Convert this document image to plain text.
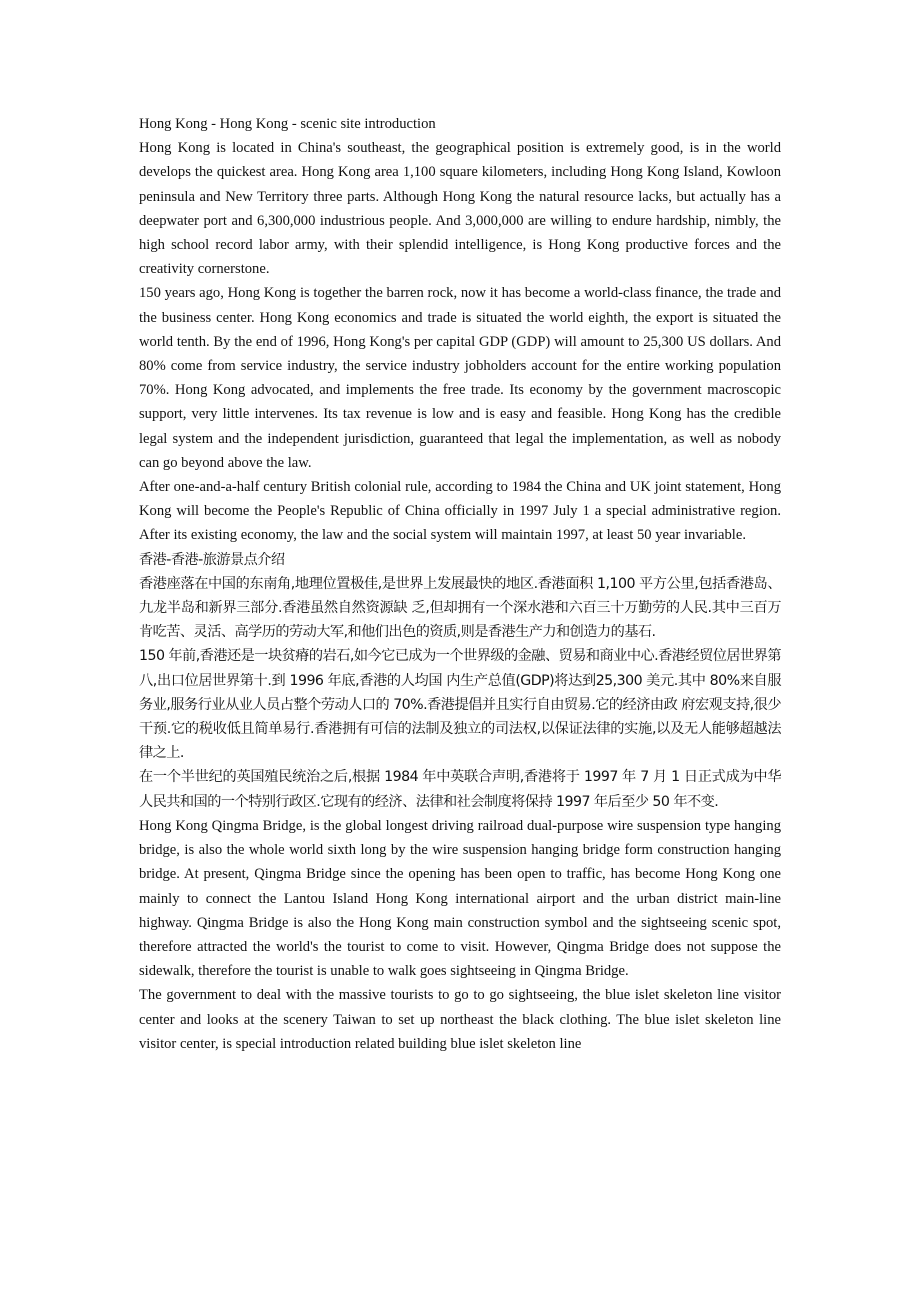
Hong Kong - Hong Kong - scenic site introduction

Hong Kong is located in China's southeast, the geographical position is extremely good, is in the world develops the quickest area. Hong Kong area 1,100 square kilometers, including Hong Kong Island, Kowloon peninsula and New Territory three parts. Although Hong Kong the natural resource lacks, but actually has a deepwater port and 6,300,000 industrious people. And 3,000,000 are willing to endure hardship, nimbly, the high school record labor army, with their splendid intelligence, is Hong Kong productive forces and the creativity cornerstone.

150 years ago, Hong Kong is together the barren rock, now it has become a world-class finance, the trade and the business center. Hong Kong economics and trade is situated the world eighth, the export is situated the world tenth. By the end of 1996, Hong Kong's per capital GDP (GDP) will amount to 25,300 US dollars. And 80% come from service industry, the service industry jobholders account for the entire working population 70%. Hong Kong advocated, and implements the free trade. Its economy by the government macroscopic support, very little intervenes. Its tax revenue is low and is easy and feasible. Hong Kong has the credible legal system and the independent jurisdiction, guaranteed that legal the implementation, as well as nobody can go beyond above the law.

After one-and-a-half century British colonial rule, according to 1984 the China and UK joint statement, Hong Kong will become the People's Republic of China officially in 1997 July 1 a special administrative region. After its existing economy, the law and the social system will maintain 1997, at least 50 year invariable.

香港-香港-旅游景点介绍

香港座落在中国的东南角,地理位置极佳,是世界上发展最快的地区.香港面积 1,100 平方公里,包括香港岛、九龙半岛和新界三部分.香港虽然自然资源缺 乏,但却拥有一个深水港和六百三十万勤劳的人民.其中三百万肯吃苦、灵活、高学历的劳动大军,和他们出色的资质,则是香港生产力和创造力的基石.

150 年前,香港还是一块贫瘠的岩石,如今它已成为一个世界级的金融、贸易和商业中心.香港经贸位居世界第八,出口位居世界第十.到 1996 年底,香港的人均国 内生产总值(GDP)将达到25,300 美元.其中 80%来自服务业,服务行业从业人员占整个劳动人口的 70%.香港提倡并且实行自由贸易.它的经济由政 府宏观支持,很少干预.它的税收低且简单易行.香港拥有可信的法制及独立的司法权,以保证法律的实施,以及无人能够超越法律之上.

在一个半世纪的英国殖民统治之后,根据 1984 年中英联合声明,香港将于 1997 年 7 月 1 日正式成为中华人民共和国的一个特别行政区.它现有的经济、法律和社会制度将保持 1997 年后至少 50 年不变.

Hong Kong Qingma Bridge, is the global longest driving railroad dual-purpose wire suspension type hanging bridge, is also the whole world sixth long by the wire suspension hanging bridge form construction hanging bridge. At present, Qingma Bridge since the opening has been open to traffic, has become Hong Kong one mainly to connect the Lantou Island Hong Kong international airport and the urban district main-line highway. Qingma Bridge is also the Hong Kong main construction symbol and the sightseeing scenic spot, therefore attracted the world's the tourist to come to visit. However, Qingma Bridge does not suppose the sidewalk, therefore the tourist is unable to walk goes sightseeing in Qingma Bridge.

The government to deal with the massive tourists to go to go sightseeing, the blue islet skeleton line visitor center and looks at the scenery Taiwan to set up northeast the black clothing. The blue islet skeleton line visitor center, is special introduction related building blue islet skeleton line
